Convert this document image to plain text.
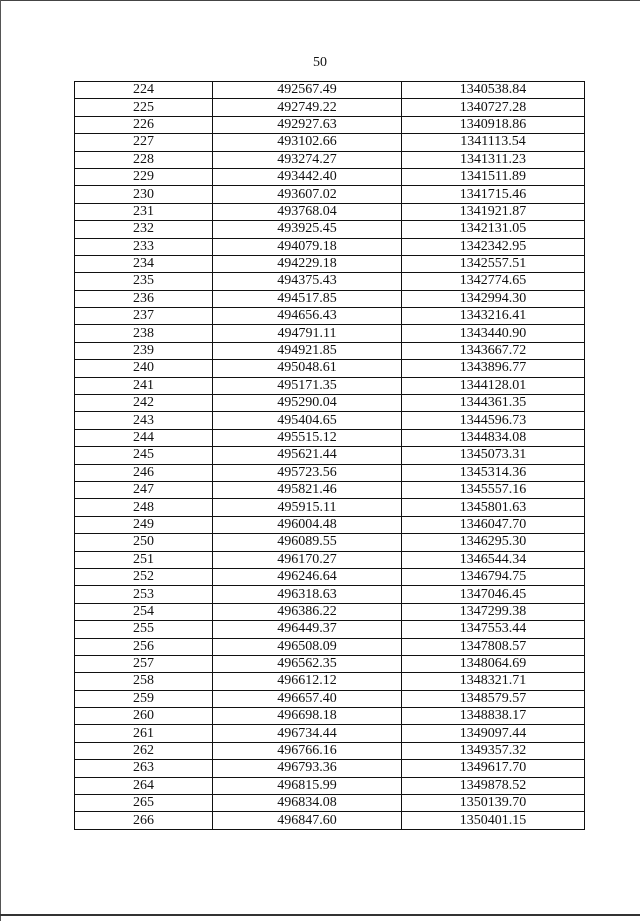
50
224	492567.49	1340538.84
225	492749.22	1340727.28
226	492927.63	1340918.86
227	493102.66	1341113.54
228	493274.27	1341311.23
229	493442.40	1341511.89
230	493607.02	1341715.46
231	493768.04	1341921.87
232	493925.45	1342131.05
233	494079.18	1342342.95
234	494229.18	1342557.51
235	494375.43	1342774.65
236	494517.85	1342994.30
237	494656.43	1343216.41
238	494791.11	1343440.90
239	494921.85	1343667.72
240	495048.61	1343896.77
241	495171.35	1344128.01
242	495290.04	1344361.35
243	495404.65	1344596.73
244	495515.12	1344834.08
245	495621.44	1345073.31
246	495723.56	1345314.36
247	495821.46	1345557.16
248	495915.11	1345801.63
249	496004.48	1346047.70
250	496089.55	1346295.30
251	496170.27	1346544.34
252	496246.64	1346794.75
253	496318.63	1347046.45
254	496386.22	1347299.38
255	496449.37	1347553.44
256	496508.09	1347808.57
257	496562.35	1348064.69
258	496612.12	1348321.71
259	496657.40	1348579.57
260	496698.18	1348838.17
261	496734.44	1349097.44
262	496766.16	1349357.32
263	496793.36	1349617.70
264	496815.99	1349878.52
265	496834.08	1350139.70
266	496847.60	1350401.15
